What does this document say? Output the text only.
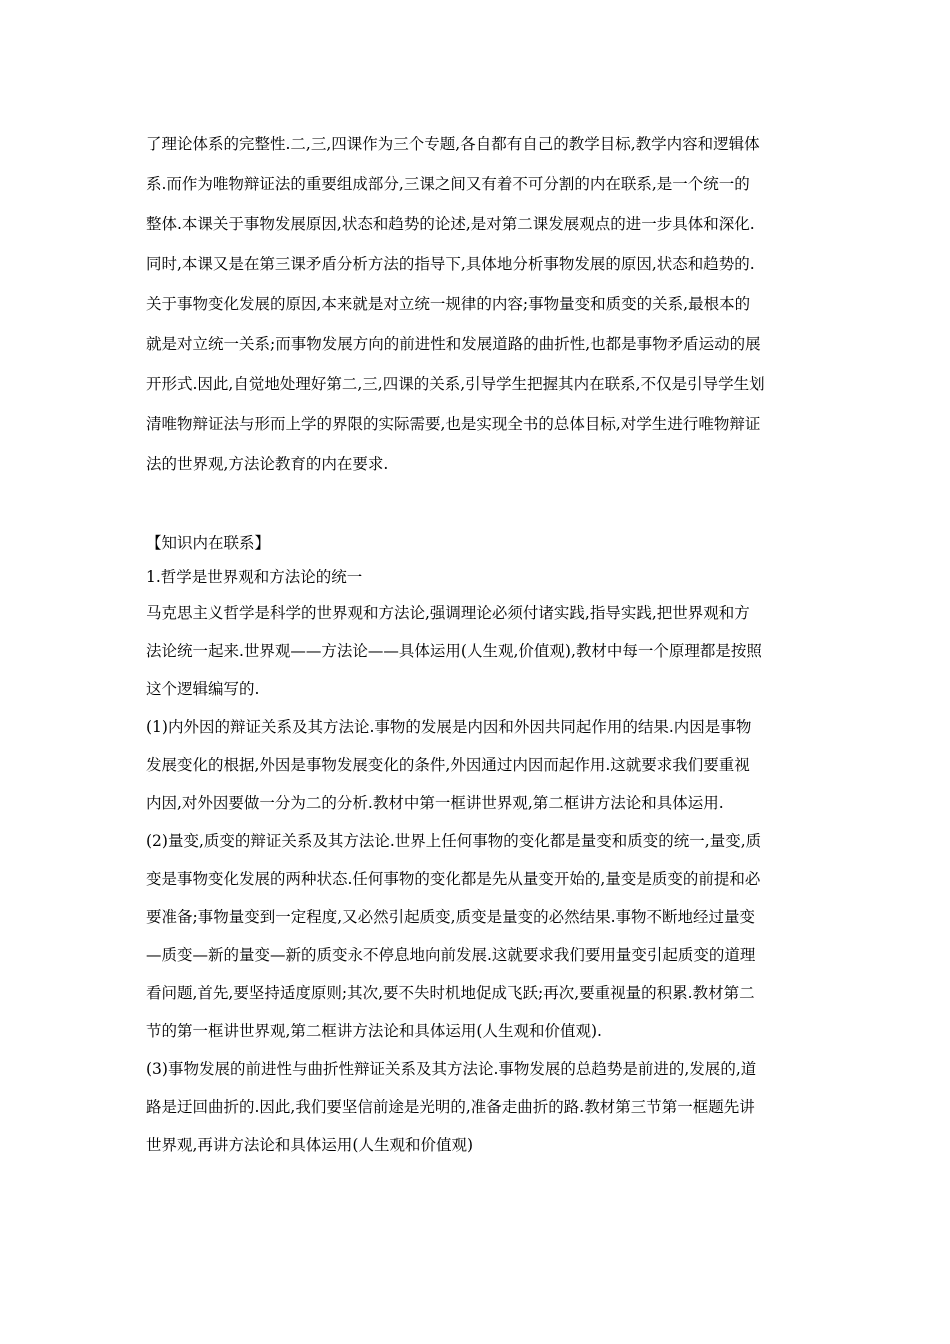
了理论体系的完整性.二,三,四课作为三个专题,各自都有自己的教学目标,教学内容和逻辑体
系.而作为唯物辩证法的重要组成部分,三课之间又有着不可分割的内在联系,是一个统一的
整体.本课关于事物发展原因,状态和趋势的论述,是对第二课发展观点的进一步具体和深化.
同时,本课又是在第三课矛盾分析方法的指导下,具体地分析事物发展的原因,状态和趋势的.
关于事物变化发展的原因,本来就是对立统一规律的内容;事物量变和质变的关系,最根本的
就是对立统一关系;而事物发展方向的前进性和发展道路的曲折性,也都是事物矛盾运动的展
开形式.因此,自觉地处理好第二,三,四课的关系,引导学生把握其内在联系,不仅是引导学生划
清唯物辩证法与形而上学的界限的实际需要,也是实现全书的总体目标,对学生进行唯物辩证
法的世界观,方法论教育的内在要求.
【知识内在联系】
1.哲学是世界观和方法论的统一
马克思主义哲学是科学的世界观和方法论,强调理论必须付诸实践,指导实践,把世界观和方
法论统一起来.世界观——方法论——具体运用(人生观,价值观),教材中每一个原理都是按照
这个逻辑编写的.
(1)内外因的辩证关系及其方法论.事物的发展是内因和外因共同起作用的结果.内因是事物
发展变化的根据,外因是事物发展变化的条件,外因通过内因而起作用.这就要求我们要重视
内因,对外因要做一分为二的分析.教材中第一框讲世界观,第二框讲方法论和具体运用.
(2)量变,质变的辩证关系及其方法论.世界上任何事物的变化都是量变和质变的统一,量变,质
变是事物变化发展的两种状态.任何事物的变化都是先从量变开始的,量变是质变的前提和必
要准备;事物量变到一定程度,又必然引起质变,质变是量变的必然结果.事物不断地经过量变
—质变—新的量变—新的质变永不停息地向前发展.这就要求我们要用量变引起质变的道理
看问题,首先,要坚持适度原则;其次,要不失时机地促成飞跃;再次,要重视量的积累.教材第二
节的第一框讲世界观,第二框讲方法论和具体运用(人生观和价值观).
(3)事物发展的前进性与曲折性辩证关系及其方法论.事物发展的总趋势是前进的,发展的,道
路是迂回曲折的.因此,我们要坚信前途是光明的,准备走曲折的路.教材第三节第一框题先讲
世界观,再讲方法论和具体运用(人生观和价值观)
